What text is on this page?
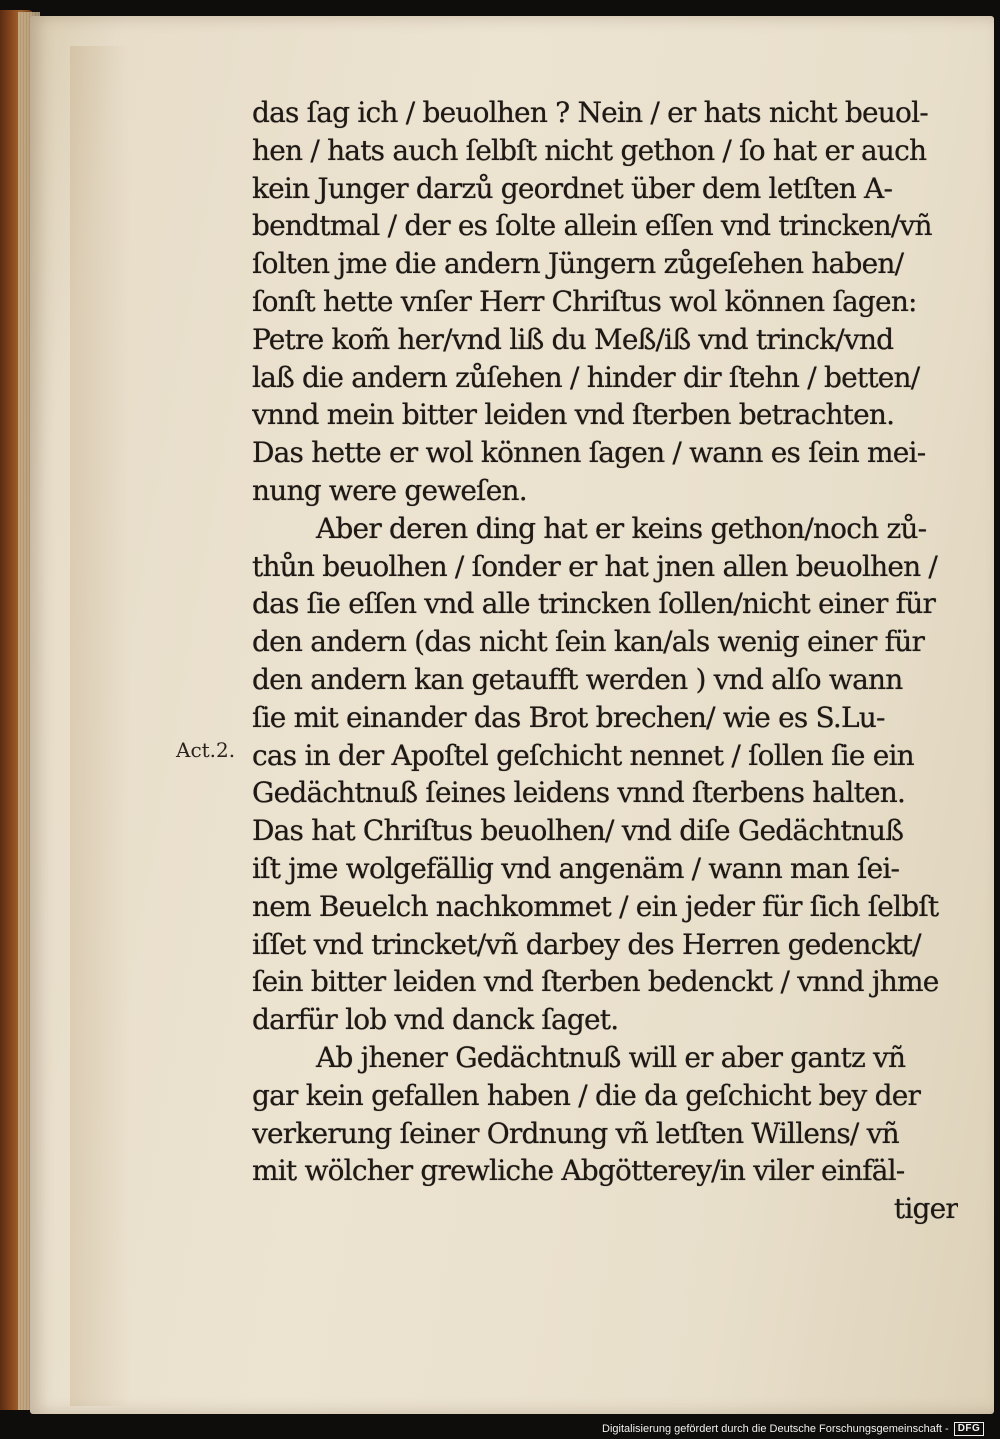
Act.2.
das ſag ich / beuolhen ? Nein / er hats nicht beuol-
hen / hats auch ſelbſt nicht gethon / ſo hat er auch
kein Junger darzů geordnet über dem letſten A-
bendtmal / der es ſolte allein eſſen vnd trincken/vñ
ſolten jme die andern Jüngern zůgeſehen haben/
ſonſt hette vnſer Herr Chriſtus wol können ſagen:
Petre kom̃ her/vnd liß du Meß/iß vnd trinck/vnd
laß die andern zůſehen / hinder dir ſtehn / betten/
vnnd mein bitter leiden vnd ſterben betrachten.
Das hette er wol können ſagen / wann es ſein mei-
nung were geweſen.
Aber deren ding hat er keins gethon/noch zů-
thůn beuolhen / ſonder er hat jnen allen beuolhen /
das ſie eſſen vnd alle trincken ſollen/nicht einer für
den andern (das nicht ſein kan/als wenig einer für
den andern kan getaufft werden ) vnd alſo wann
ſie mit einander das Brot brechen/ wie es S.Lu-
cas in der Apoſtel geſchicht nennet / ſollen ſie ein
Gedächtnuß ſeines leidens vnnd ſterbens halten.
Das hat Chriſtus beuolhen/ vnd diſe Gedächtnuß
iſt jme wolgefällig vnd angenäm / wann man ſei-
nem Beuelch nachkommet / ein jeder für ſich ſelbſt
iſſet vnd trincket/vñ darbey des Herren gedenckt/
ſein bitter leiden vnd ſterben bedenckt / vnnd jhme
darfür lob vnd danck ſaget.
Ab jhener Gedächtnuß will er aber gantz vñ
gar kein gefallen haben / die da geſchicht bey der
verkerung ſeiner Ordnung vñ letſten Willens/ vñ
mit wölcher grewliche Abgötterey/in viler einfäl-
tiger
Digitalisierung gefördert durch die Deutsche Forschungsgemeinschaft - DFG
